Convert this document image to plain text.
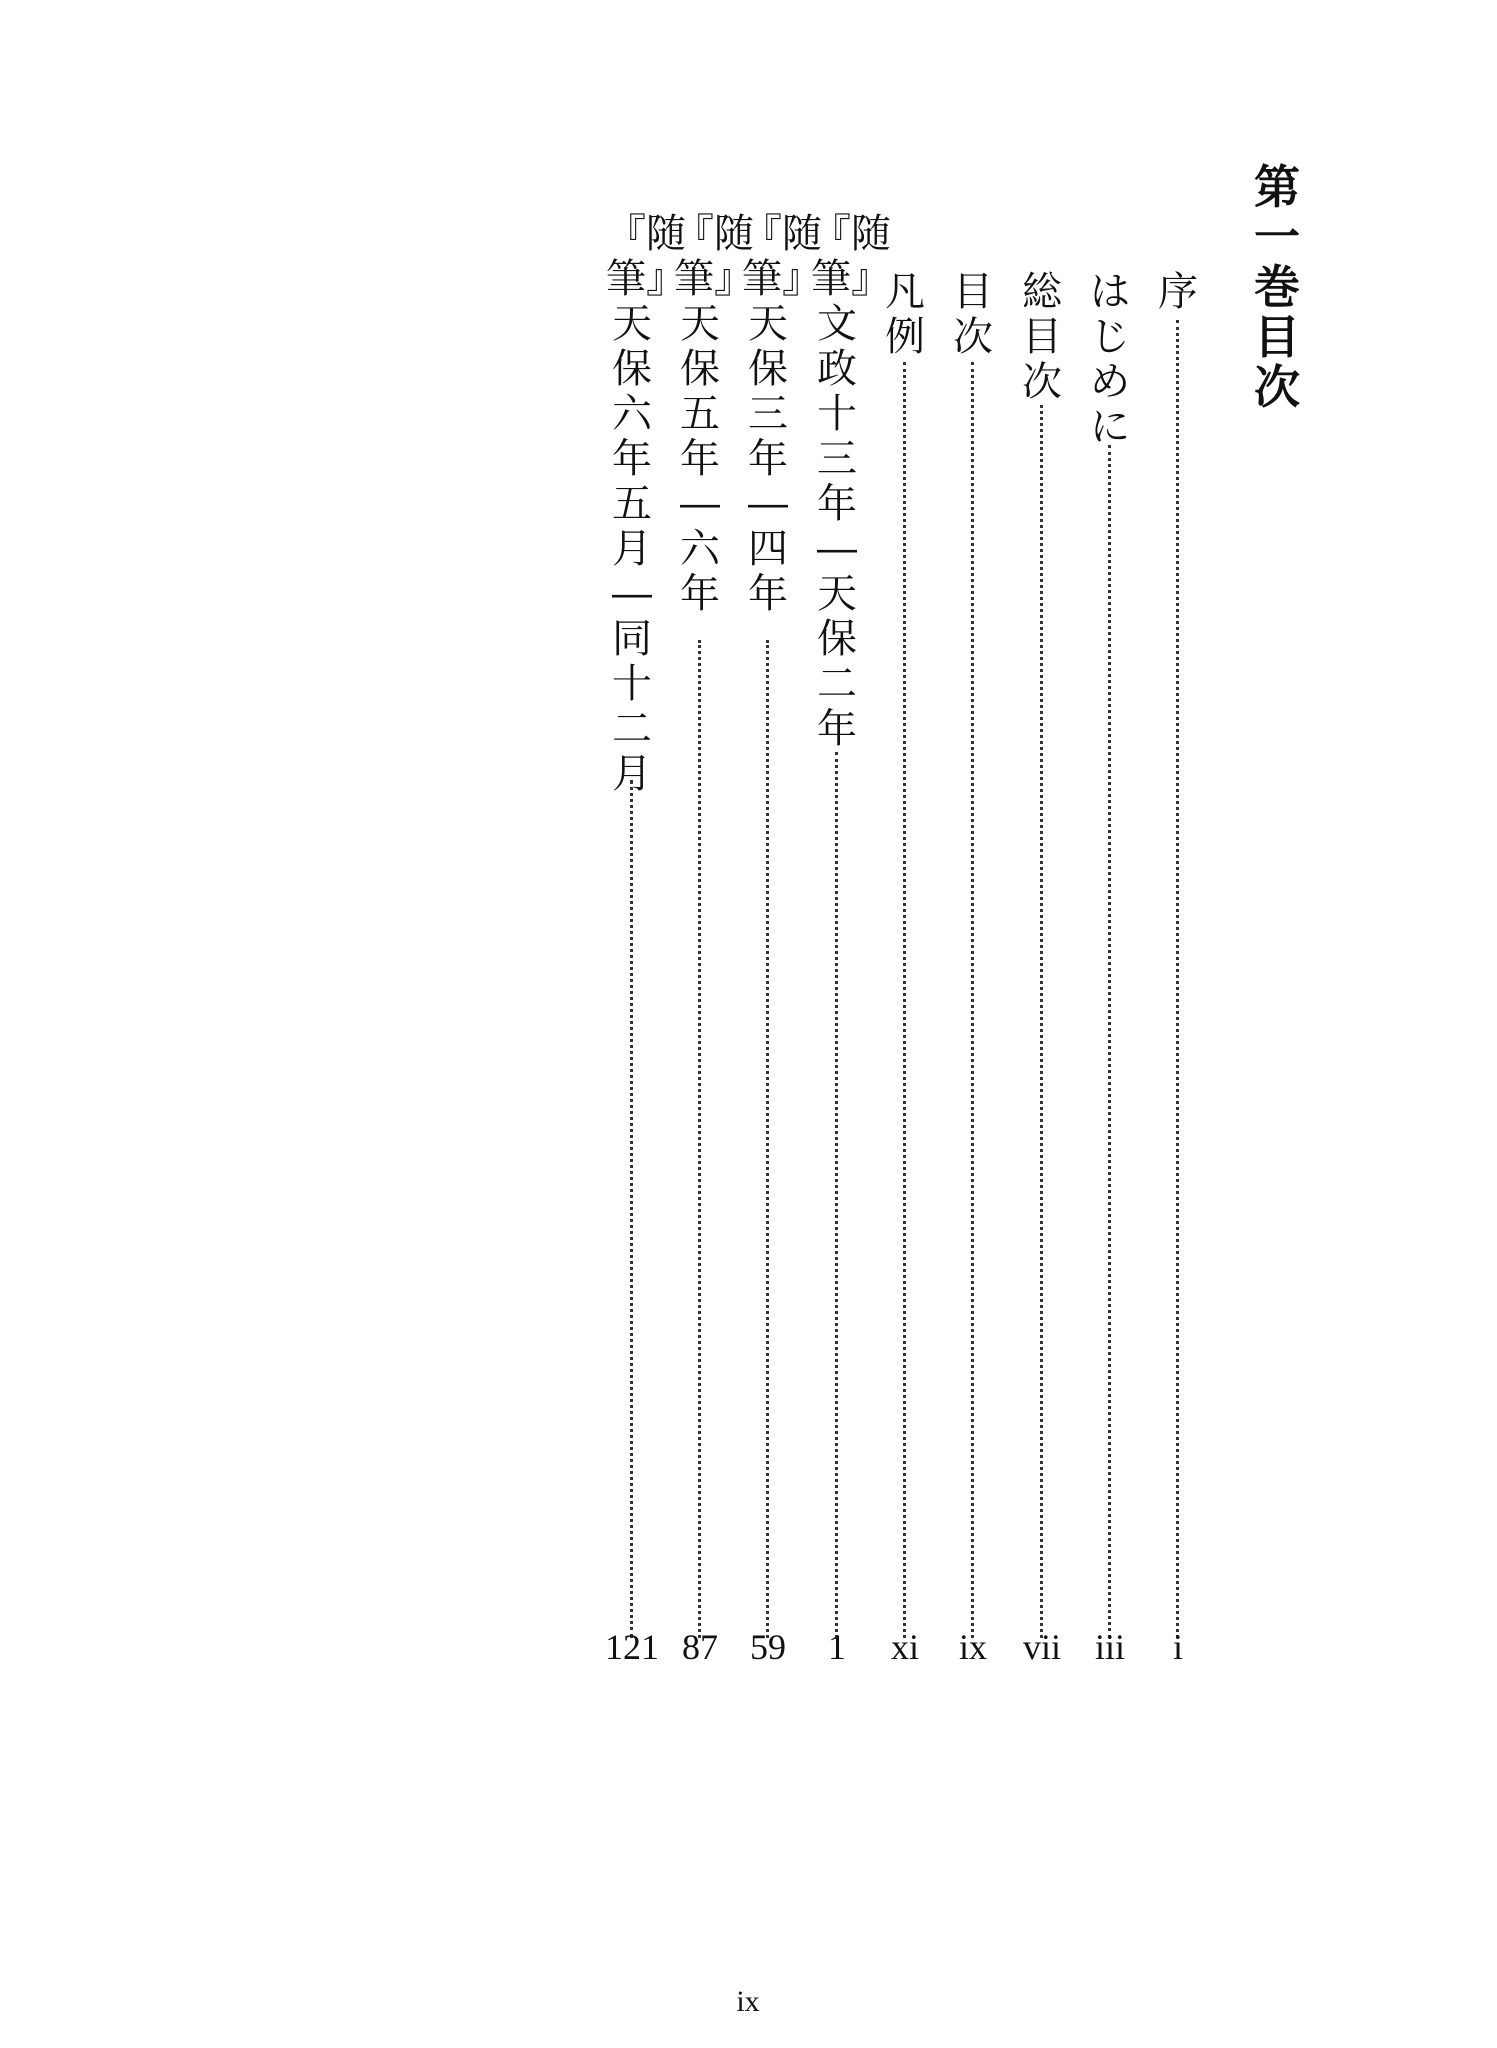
第一巻目次
序
i
はじめに
iii
総目次
vii
目次
ix
凡例
xi
『随筆』文政十三年―天保二年
1
『随筆』天保三年―四年
59
『随筆』天保五年―六年
87
『随筆』天保六年五月―同十二月
121
ix
